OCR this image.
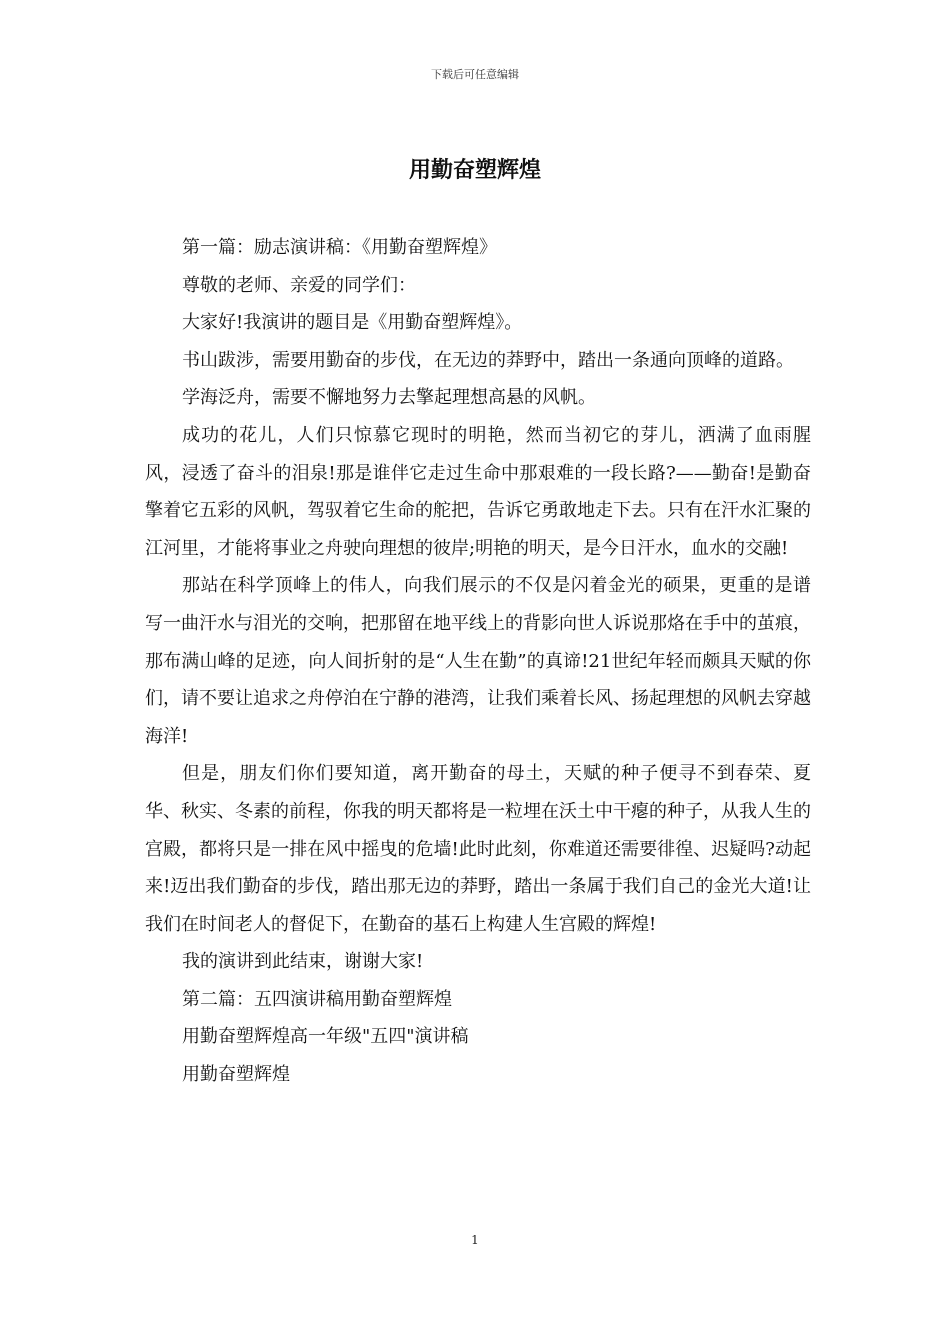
下载后可任意编辑
用勤奋塑辉煌

第一篇：励志演讲稿：《用勤奋塑辉煌》

尊敬的老师、亲爱的同学们：

大家好!我演讲的题目是《用勤奋塑辉煌》。

书山跋涉，需要用勤奋的步伐，在无边的莽野中，踏出一条通向顶峰的道路。

学海泛舟，需要不懈地努力去擎起理想高悬的风帆。

成功的花儿，人们只惊慕它现时的明艳，然而当初它的芽儿，洒满了血雨腥风，浸透了奋斗的泪泉!那是谁伴它走过生命中那艰难的一段长路?——勤奋!是勤奋擎着它五彩的风帆，驾驭着它生命的舵把，告诉它勇敢地走下去。只有在汗水汇聚的江河里，才能将事业之舟驶向理想的彼岸;明艳的明天，是今日汗水，血水的交融!

那站在科学顶峰上的伟人，向我们展示的不仅是闪着金光的硕果，更重的是谱写一曲汗水与泪光的交响，把那留在地平线上的背影向世人诉说那烙在手中的茧痕，那布满山峰的足迹，向人间折射的是“人生在勤”的真谛!21世纪年轻而颇具天赋的你们，请不要让追求之舟停泊在宁静的港湾，让我们乘着长风、扬起理想的风帆去穿越海洋!

但是，朋友们你们要知道，离开勤奋的母土，天赋的种子便寻不到春荣、夏华、秋实、冬素的前程，你我的明天都将是一粒埋在沃土中干瘪的种子，从我人生的宫殿，都将只是一排在风中摇曳的危墙!此时此刻，你难道还需要徘徨、迟疑吗?动起来!迈出我们勤奋的步伐，踏出那无边的莽野，踏出一条属于我们自己的金光大道!让我们在时间老人的督促下，在勤奋的基石上构建人生宫殿的辉煌!

我的演讲到此结束，谢谢大家!

第二篇：五四演讲稿用勤奋塑辉煌

用勤奋塑辉煌高一年级"五四"演讲稿

用勤奋塑辉煌

1
